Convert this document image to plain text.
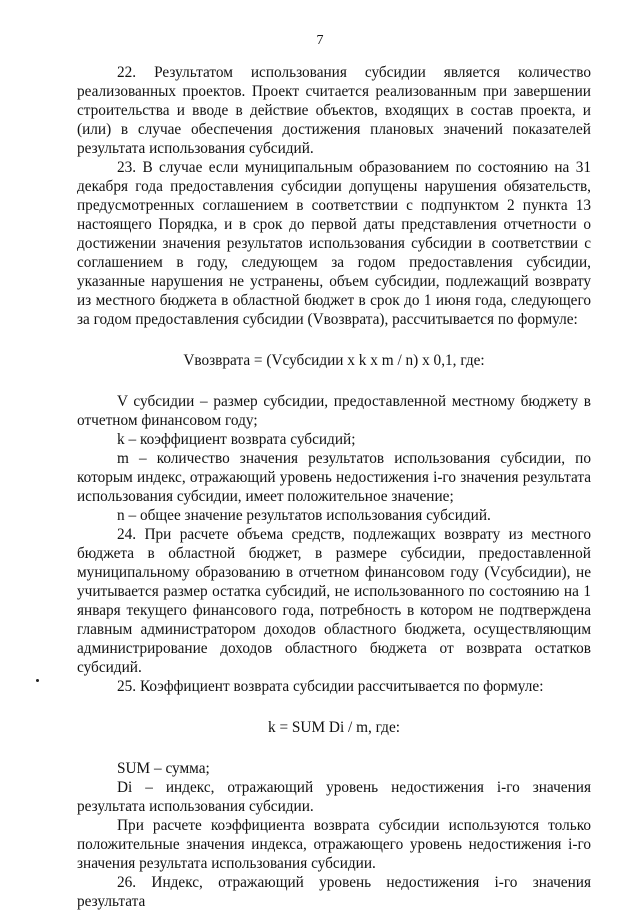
7

22. Результатом использования субсидии является количество реализованных проектов. Проект считается реализованным при завершении строительства и вводе в действие объектов, входящих в состав проекта, и (или) в случае обеспечения достижения плановых значений показателей результата использования субсидий.

23. В случае если муниципальным образованием по состоянию на 31 декабря года предоставления субсидии допущены нарушения обязательств, предусмотренных соглашением в соответствии с подпунктом 2 пункта 13 настоящего Порядка, и в срок до первой даты представления отчетности о достижении значения результатов использования субсидии в соответствии с соглашением в году, следующем за годом предоставления субсидии, указанные нарушения не устранены, объем субсидии, подлежащий возврату из местного бюджета в областной бюджет в срок до 1 июня года, следующего за годом предоставления субсидии (Vвозврата), рассчитывается по формуле:

Vвозврата = (Vсубсидии x k x m / n) x 0,1, где:

V субсидии – размер субсидии, предоставленной местному бюджету в отчетном финансовом году;

k – коэффициент возврата субсидий;

m – количество значения результатов использования субсидии, по которым индекс, отражающий уровень недостижения i-го значения результата использования субсидии, имеет положительное значение;

n – общее значение результатов использования субсидий.

24. При расчете объема средств, подлежащих возврату из местного бюджета в областной бюджет, в размере субсидии, предоставленной муниципальному образованию в отчетном финансовом году (Vсубсидии), не учитывается размер остатка субсидий, не использованного по состоянию на 1 января текущего финансового года, потребность в котором не подтверждена главным администратором доходов областного бюджета, осуществляющим администрирование доходов областного бюджета от возврата остатков субсидий.

25. Коэффициент возврата субсидии рассчитывается по формуле:

k = SUM Di / m, где:

SUM – сумма;

Di – индекс, отражающий уровень недостижения i-го значения результата использования субсидии.

При расчете коэффициента возврата субсидии используются только положительные значения индекса, отражающего уровень недостижения i-го значения результата использования субсидии.

26. Индекс, отражающий уровень недостижения i-го значения результата
